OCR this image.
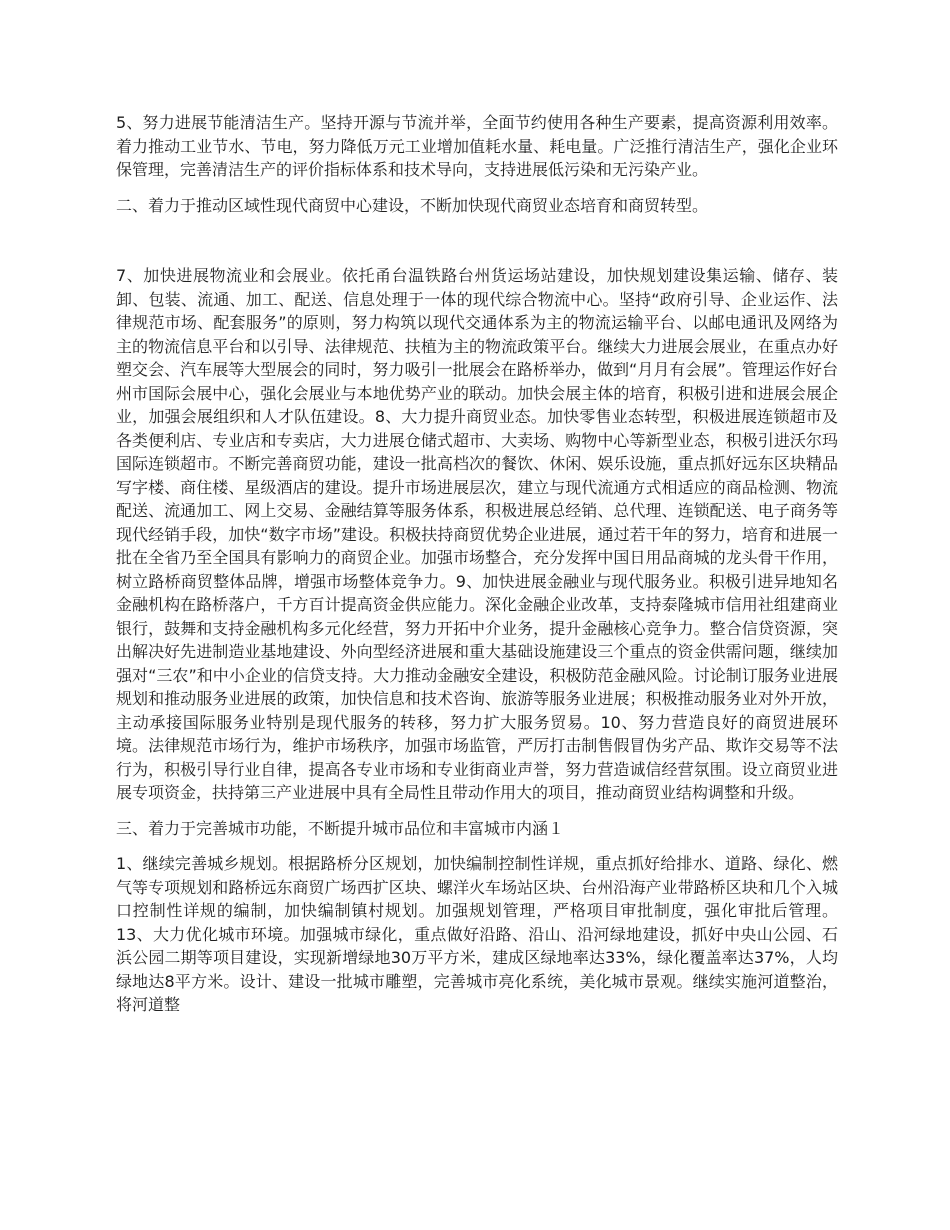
5、努力进展节能清洁生产。坚持开源与节流并举，全面节约使用各种生产要素，提高资源利用效率。着力推动工业节水、节电，努力降低万元工业增加值耗水量、耗电量。广泛推行清洁生产，强化企业环保管理，完善清洁生产的评价指标体系和技术导向，支持进展低污染和无污染产业。

二、着力于推动区域性现代商贸中心建设，不断加快现代商贸业态培育和商贸转型。

7、加快进展物流业和会展业。依托甬台温铁路台州货运场站建设，加快规划建设集运输、储存、装卸、包装、流通、加工、配送、信息处理于一体的现代综合物流中心。坚持“政府引导、企业运作、法律规范市场、配套服务”的原则，努力构筑以现代交通体系为主的物流运输平台、以邮电通讯及网络为主的物流信息平台和以引导、法律规范、扶植为主的物流政策平台。继续大力进展会展业，在重点办好塑交会、汽车展等大型展会的同时，努力吸引一批展会在路桥举办，做到“月月有会展”。管理运作好台州市国际会展中心，强化会展业与本地优势产业的联动。加快会展主体的培育，积极引进和进展会展企业，加强会展组织和人才队伍建设。8、大力提升商贸业态。加快零售业态转型，积极进展连锁超市及各类便利店、专业店和专卖店，大力进展仓储式超市、大卖场、购物中心等新型业态，积极引进沃尔玛国际连锁超市。不断完善商贸功能，建设一批高档次的餐饮、休闲、娱乐设施，重点抓好远东区块精品写字楼、商住楼、星级酒店的建设。提升市场进展层次，建立与现代流通方式相适应的商品检测、物流配送、流通加工、网上交易、金融结算等服务体系，积极进展总经销、总代理、连锁配送、电子商务等现代经销手段，加快“数字市场”建设。积极扶持商贸优势企业进展，通过若干年的努力，培育和进展一批在全省乃至全国具有影响力的商贸企业。加强市场整合，充分发挥中国日用品商城的龙头骨干作用，树立路桥商贸整体品牌，增强市场整体竞争力。9、加快进展金融业与现代服务业。积极引进异地知名金融机构在路桥落户，千方百计提高资金供应能力。深化金融企业改革，支持泰隆城市信用社组建商业银行，鼓舞和支持金融机构多元化经营，努力开拓中介业务，提升金融核心竞争力。整合信贷资源，突出解决好先进制造业基地建设、外向型经济进展和重大基础设施建设三个重点的资金供需问题，继续加强对“三农”和中小企业的信贷支持。大力推动金融安全建设，积极防范金融风险。讨论制订服务业进展规划和推动服务业进展的政策，加快信息和技术咨询、旅游等服务业进展；积极推动服务业对外开放，主动承接国际服务业特别是现代服务的转移，努力扩大服务贸易。10、努力营造良好的商贸进展环境。法律规范市场行为，维护市场秩序，加强市场监管，严厉打击制售假冒伪劣产品、欺诈交易等不法行为，积极引导行业自律，提高各专业市场和专业街商业声誉，努力营造诚信经营氛围。设立商贸业进展专项资金，扶持第三产业进展中具有全局性且带动作用大的项目，推动商贸业结构调整和升级。

三、着力于完善城市功能，不断提升城市品位和丰富城市内涵１

1、继续完善城乡规划。根据路桥分区规划，加快编制控制性详规，重点抓好给排水、道路、绿化、燃气等专项规划和路桥远东商贸广场西扩区块、螺洋火车场站区块、台州沿海产业带路桥区块和几个入城口控制性详规的编制，加快编制镇村规划。加强规划管理，严格项目审批制度，强化审批后管理。13、大力优化城市环境。加强城市绿化，重点做好沿路、沿山、沿河绿地建设，抓好中央山公园、石浜公园二期等项目建设，实现新增绿地30万平方米，建成区绿地率达33%，绿化覆盖率达37%，人均绿地达8平方米。设计、建设一批城市雕塑，完善城市亮化系统，美化城市景观。继续实施河道整治，将河道整
